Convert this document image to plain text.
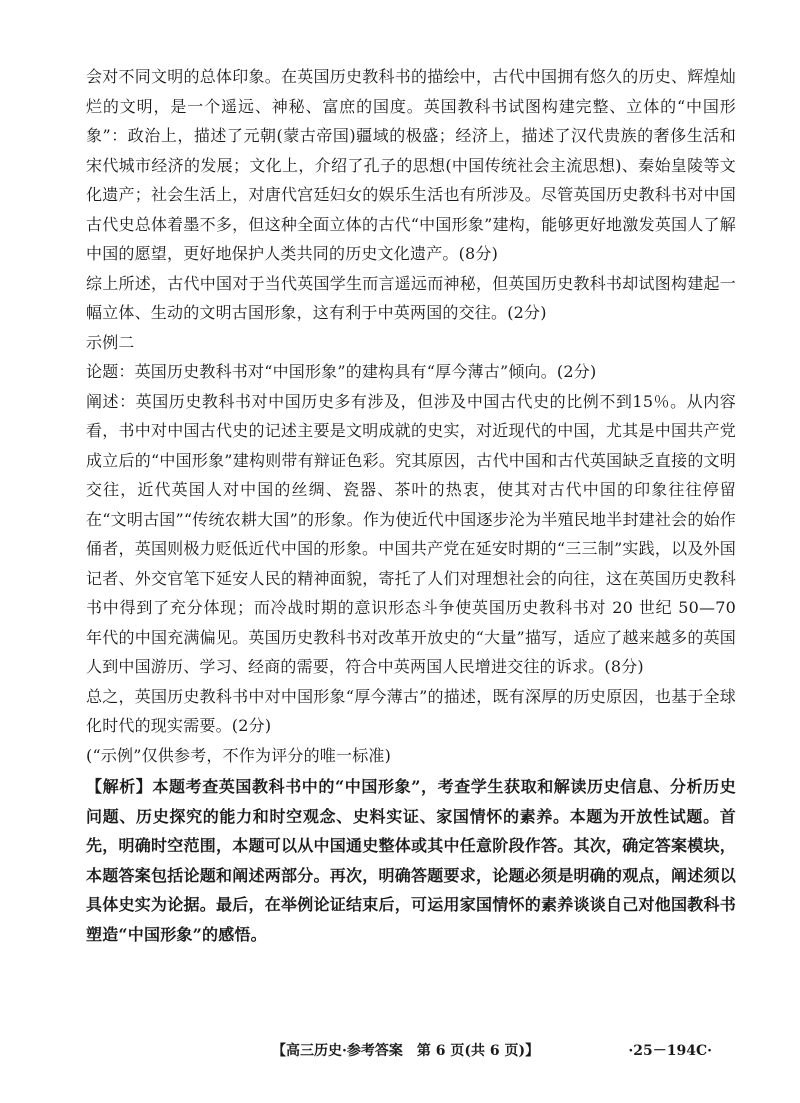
会对不同文明的总体印象。在英国历史教科书的描绘中，古代中国拥有悠久的历史、辉煌灿烂的文明，是一个遥远、神秘、富庶的国度。英国教科书试图构建完整、立体的“中国形象”：政治上，描述了元朝(蒙古帝国)疆域的极盛；经济上，描述了汉代贵族的奢侈生活和宋代城市经济的发展；文化上，介绍了孔子的思想(中国传统社会主流思想)、秦始皇陵等文化遗产；社会生活上，对唐代宫廷妇女的娱乐生活也有所涉及。尽管英国历史教科书对中国古代史总体着墨不多，但这种全面立体的古代“中国形象”建构，能够更好地激发英国人了解中国的愿望，更好地保护人类共同的历史文化遗产。(8分)

综上所述，古代中国对于当代英国学生而言遥远而神秘，但英国历史教科书却试图构建起一幅立体、生动的文明古国形象，这有利于中英两国的交往。(2分)

示例二

论题：英国历史教科书对“中国形象”的建构具有“厚今薄古”倾向。(2分)

阐述：英国历史教科书对中国历史多有涉及，但涉及中国古代史的比例不到15％。从内容看，书中对中国古代史的记述主要是文明成就的史实，对近现代的中国，尤其是中国共产党成立后的“中国形象”建构则带有辩证色彩。究其原因，古代中国和古代英国缺乏直接的文明交往，近代英国人对中国的丝绸、瓷器、茶叶的热衷，使其对古代中国的印象往往停留在“文明古国”“传统农耕大国”的形象。作为使近代中国逐步沦为半殖民地半封建社会的始作俑者，英国则极力贬低近代中国的形象。中国共产党在延安时期的“三三制”实践，以及外国记者、外交官笔下延安人民的精神面貌，寄托了人们对理想社会的向往，这在英国历史教科书中得到了充分体现；而冷战时期的意识形态斗争使英国历史教科书对 20 世纪 50—70 年代的中国充满偏见。英国历史教科书对改革开放史的“大量”描写，适应了越来越多的英国人到中国游历、学习、经商的需要，符合中英两国人民增进交往的诉求。(8分)

总之，英国历史教科书中对中国形象“厚今薄古”的描述，既有深厚的历史原因，也基于全球化时代的现实需要。(2分)

(“示例”仅供参考，不作为评分的唯一标准)

【解析】本题考查英国教科书中的“中国形象”，考查学生获取和解读历史信息、分析历史问题、历史探究的能力和时空观念、史料实证、家国情怀的素养。本题为开放性试题。首先，明确时空范围，本题可以从中国通史整体或其中任意阶段作答。其次，确定答案模块，本题答案包括论题和阐述两部分。再次，明确答题要求，论题必须是明确的观点，阐述须以具体史实为论据。最后，在举例论证结束后，可运用家国情怀的素养谈谈自己对他国教科书塑造“中国形象”的感悟。

【高三历史·参考答案　第 6 页(共 6 页)】	·25－194C·
